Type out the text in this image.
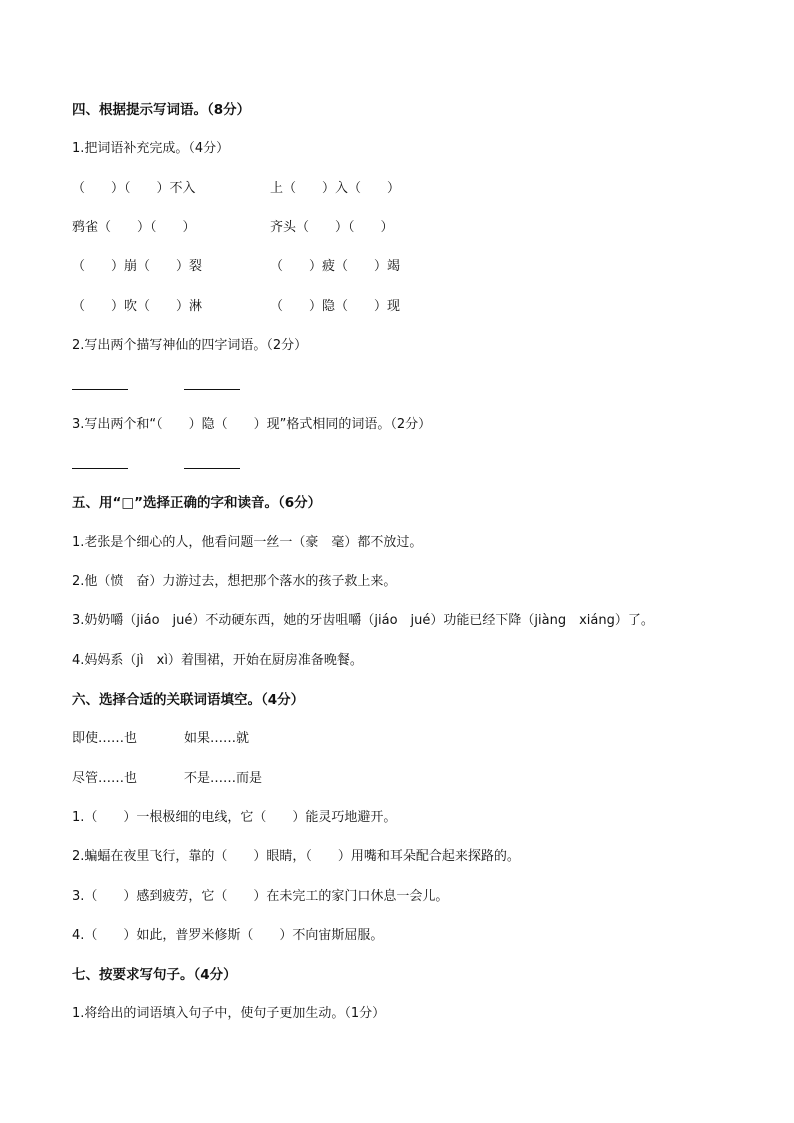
四、根据提示写词语。（8分）
1.把词语补充完成。（4分）
（　　）（　　）不入	上（　　）入（　　）
鸦雀（　　）（　　）	齐头（　　）（　　）
（　　）崩（　　）裂	（　　）疲（　　）竭
（　　）吹（　　）淋	（　　）隐（　　）现
2.写出两个描写神仙的四字词语。（2分）
3.写出两个和“（　　）隐（　　）现”格式相同的词语。（2分）
五、用“□”选择正确的字和读音。（6分）
1.老张是个细心的人，他看问题一丝一（豪　毫）都不放过。
2.他（愤　奋）力游过去，想把那个落水的孩子救上来。
3.奶奶嚼（jiáo　jué）不动硬东西，她的牙齿咀嚼（jiáo　jué）功能已经下降（jiàng　xiáng）了。
4.妈妈系（jì　xì）着围裙，开始在厨房准备晚餐。
六、选择合适的关联词语填空。（4分）
即使……也	如果……就
尽管……也	不是……而是
1.（　　）一根极细的电线，它（　　）能灵巧地避开。
2.蝙蝠在夜里飞行，靠的（　　）眼睛，（　　）用嘴和耳朵配合起来探路的。
3.（　　）感到疲劳，它（　　）在未完工的家门口休息一会儿。
4.（　　）如此，普罗米修斯（　　）不向宙斯屈服。
七、按要求写句子。（4分）
1.将给出的词语填入句子中，使句子更加生动。（1分）
